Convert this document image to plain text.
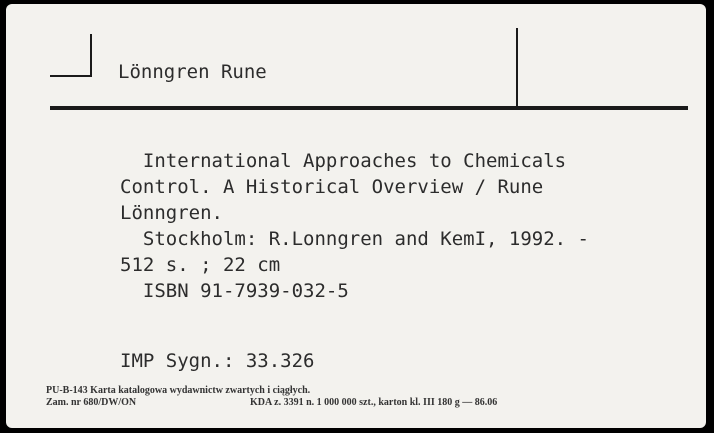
Lönngren Rune
International Approaches to Chemicals
Control. A Historical Overview / Rune
Lönngren.
Stockholm: R.Lonngren and KemI, 1992. -
512 s. ; 22 cm
ISBN 91-7939-032-5
IMP Sygn.: 33.326
PU-B-143 Karta katalogowa wydawnictw zwartych i ciągłych.
Zam. nr 680/DW/ON	KDA z. 3391 n. 1 000 000 szt., karton kl. III 180 g — 86.06
